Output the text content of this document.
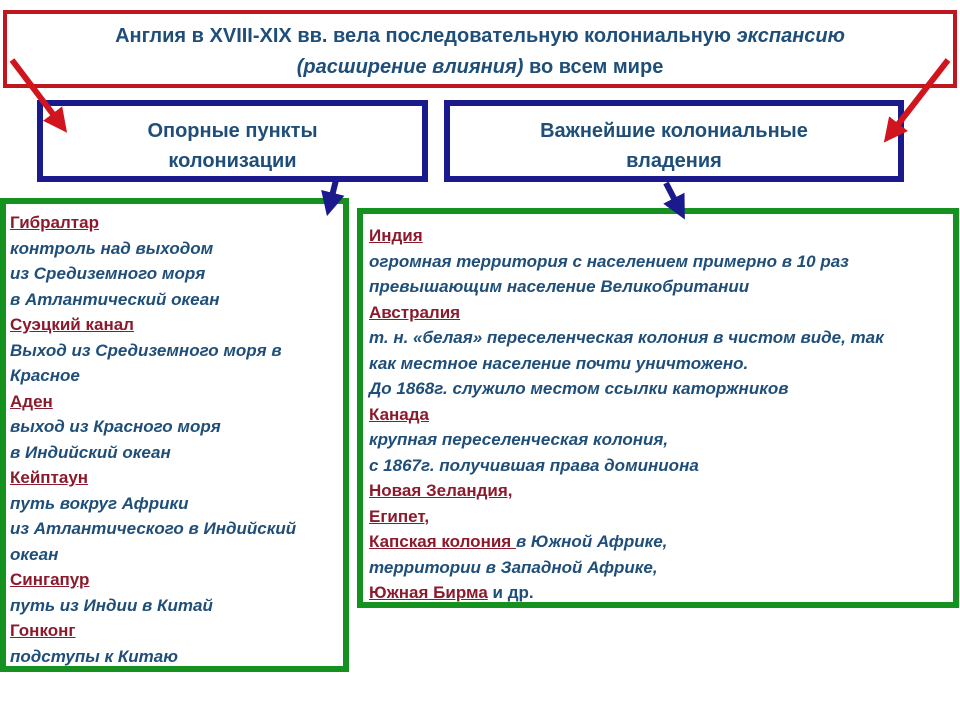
Англия в XVIII-XIX вв. вела последовательную колониальную экспансию
(расширение влияния) во всем мире
Опорные пункты
колонизации
Важнейшие колониальные
владения
Гибралтар
контроль над выходом
из Средиземного моря
в Атлантический океан
Суэцкий канал
Выход из Средиземного моря в
Красное
Аден
выход из Красного моря
в Индийский океан
Кейптаун
путь вокруг Африки
из Атлантического в Индийский
океан
Сингапур
путь из Индии в Китай
Гонконг
подступы к Китаю
Индия
огромная территория с населением примерно в 10 раз
превышающим население Великобритании
Австралия
т. н. «белая» переселенческая колония в чистом виде, так
как местное население почти уничтожено.
До 1868г. служило местом ссылки каторжников
Канада
крупная переселенческая колония,
с 1867г. получившая права доминиона
Новая Зеландия,
Египет,
Капская колония в Южной Африке,
территории в Западной Африке,
Южная Бирма и др.
